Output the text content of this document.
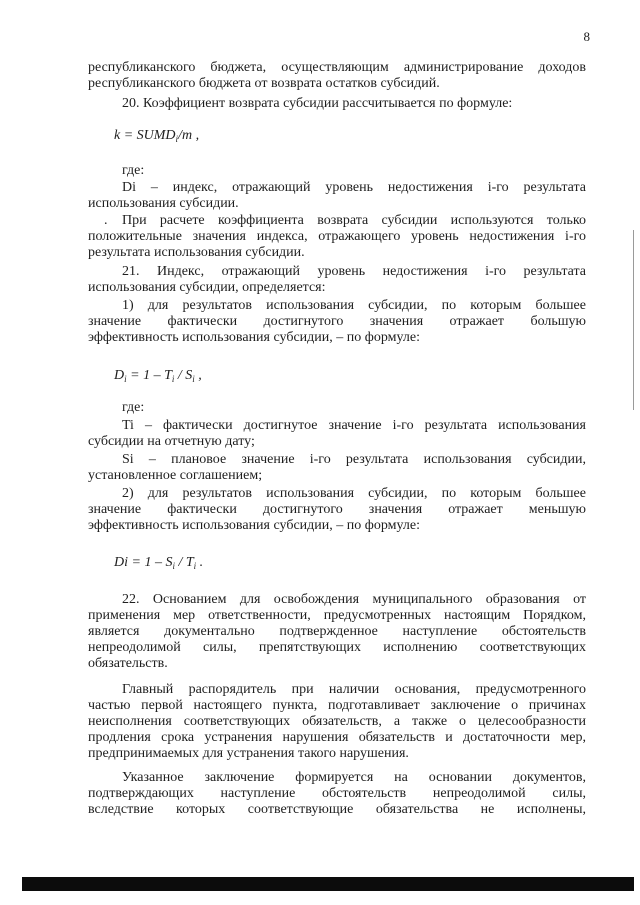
8
республиканского бюджета, осуществляющим администрирование доходов
республиканского бюджета от возврата остатков субсидий.
20. Коэффициент возврата субсидии рассчитывается по формуле:
$k = SUMD_i/m$ ,
где:
Di – индекс, отражающий уровень недостижения i-го результата
использования субсидии.
. При расчете коэффициента возврата субсидии используются только
положительные значения индекса, отражающего уровень недостижения i-го
результата использования субсидии.
21. Индекс, отражающий уровень недостижения i-го результата
использования субсидии, определяется:
1) для результатов использования субсидии, по которым большее
значение фактически достигнутого значения отражает большую
эффективность использования субсидии, – по формуле:
$D_i = 1 - T_i / S_i$ ,
где:
Ti – фактически достигнутое значение i-го результата использования
субсидии на отчетную дату;
Si – плановое значение i-го результата использования субсидии,
установленное соглашением;
2) для результатов использования субсидии, по которым большее
значение фактически достигнутого значения отражает меньшую
эффективность использования субсидии, – по формуле:
$Di = 1 - S_i / T_i$ .
22. Основанием для освобождения муниципального образования от
применения мер ответственности, предусмотренных настоящим Порядком,
является документально подтвержденное наступление обстоятельств
непреодолимой силы, препятствующих исполнению соответствующих
обязательств.
Главный распорядитель при наличии основания, предусмотренного
частью первой настоящего пункта, подготавливает заключение о причинах
неисполнения соответствующих обязательств, а также о целесообразности
продления срока устранения нарушения обязательств и достаточности мер,
предпринимаемых для устранения такого нарушения.
Указанное заключение формируется на основании документов,
подтверждающих наступление обстоятельств непреодолимой силы,
вследствие которых соответствующие обязательства не исполнены,
